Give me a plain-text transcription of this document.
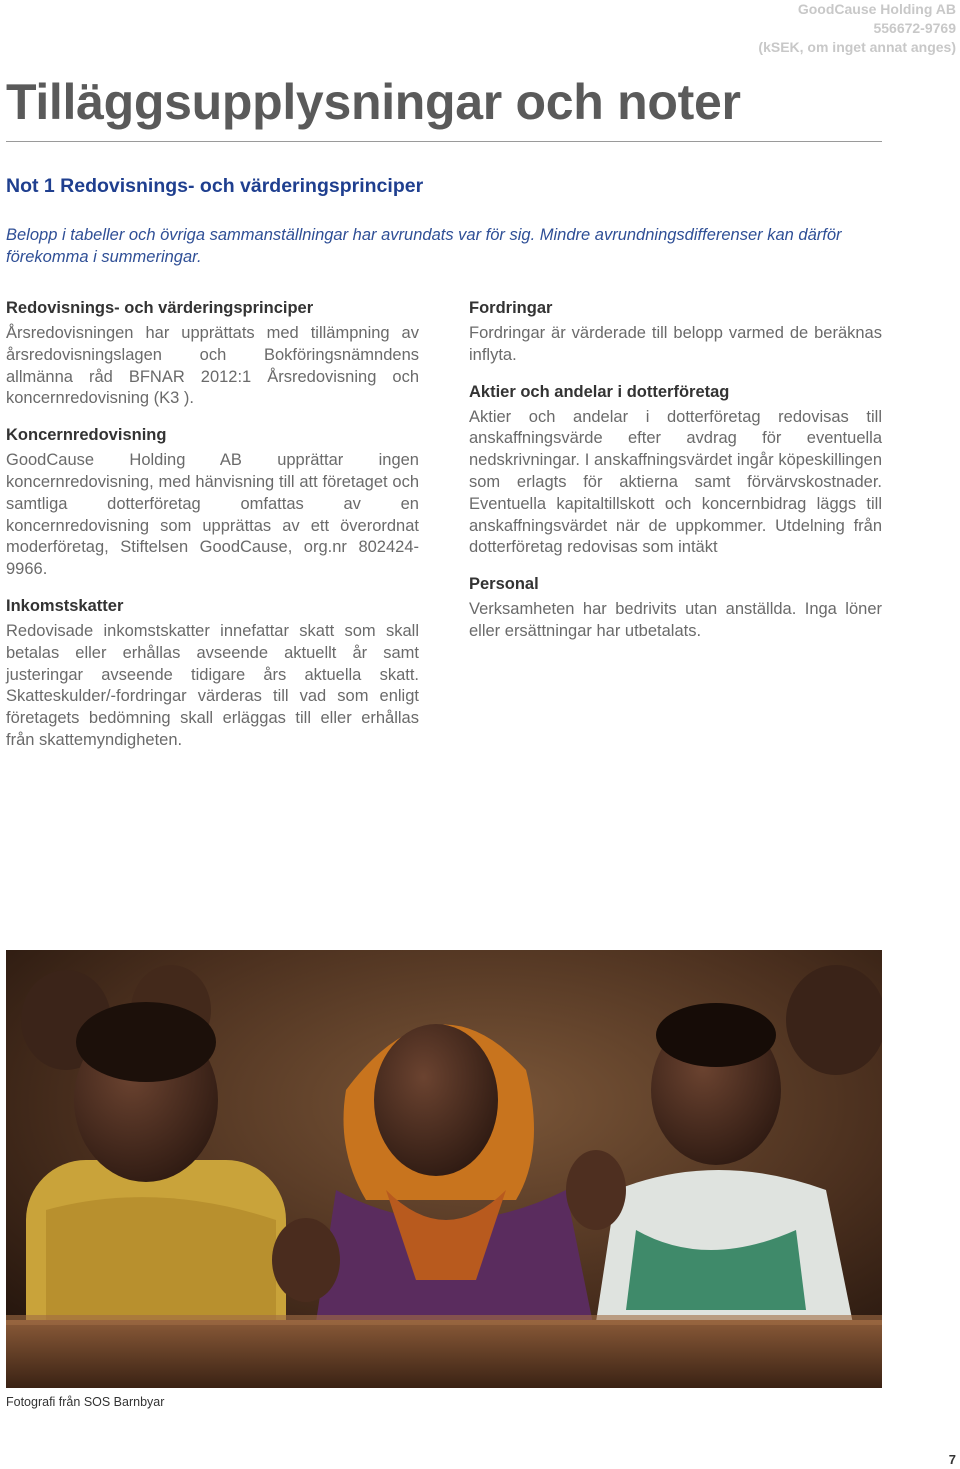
GoodCause Holding AB
556672-9769
(kSEK, om inget annat anges)
Tilläggsupplysningar och noter
Not 1 Redovisnings- och värderingsprinciper

Belopp i tabeller och övriga sammanställningar har avrundats var för sig. Mindre avrundningsdifferenser kan därför förekomma i summeringar.

Redovisnings- och värderingsprinciper

Årsredovisningen har upprättats med tillämpning av årsredovisningslagen och Bokföringsnämndens allmänna råd BFNAR 2012:1 Årsredovisning och koncernredovisning (K3 ).

Koncernredovisning

GoodCause Holding AB upprättar ingen koncernredovisning, med hänvisning till att företaget och samtliga dotterföretag omfattas av en koncernredovisning som upprättas av ett överordnat moderföretag, Stiftelsen GoodCause, org.nr 802424-9966.

Inkomstskatter

Redovisade inkomstskatter innefattar skatt som skall betalas eller erhållas avseende aktuellt år samt justeringar avseende tidigare års aktuella skatt. Skatteskulder/-fordringar värderas till vad som enligt företagets bedömning skall erläggas till eller erhållas från skattemyndigheten.

Fordringar

Fordringar är värderade till belopp varmed de beräknas inflyta.

Aktier och andelar i dotterföretag

Aktier och andelar i dotterföretag redovisas till anskaffningsvärde efter avdrag för eventuella nedskrivningar. I anskaffningsvärdet ingår köpeskillingen som erlagts för aktierna samt förvärvskostnader. Eventuella kapitaltillskott och koncernbidrag läggs till anskaffningsvärdet när de uppkommer. Utdelning från dotterföretag redovisas som intäkt

Personal

Verksamheten har bedrivits utan anställda. Inga löner eller ersättningar har utbetalats.

Fotografi från SOS Barnbyar

7
